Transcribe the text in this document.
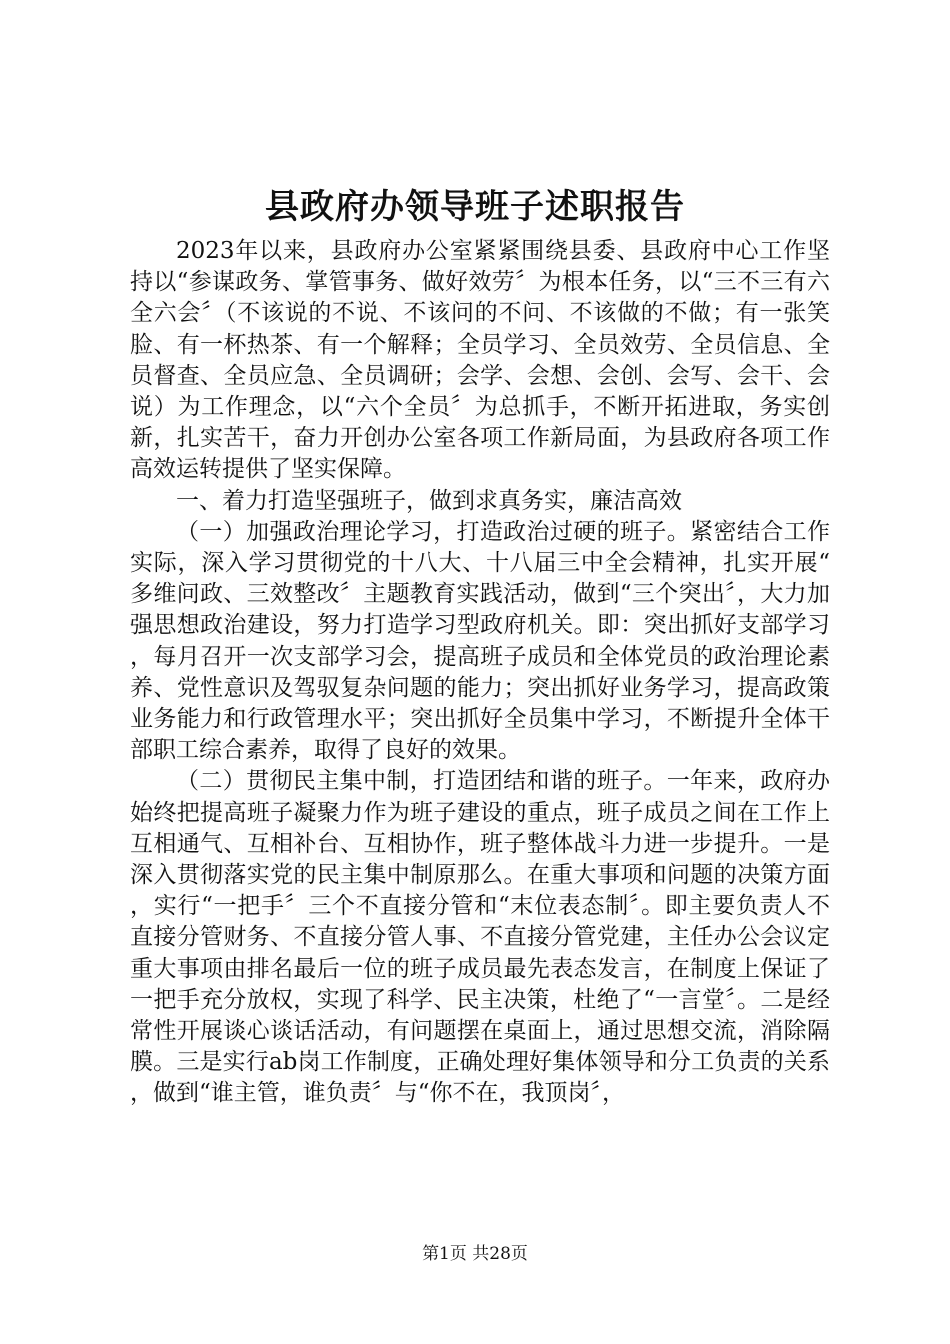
县政府办领导班子述职报告

2023年以来，县政府办公室紧紧围绕县委、县政府中心工作坚持以“参谋政务、掌管事务、做好效劳〞为根本任务，以“三不三有六全六会〞（不该说的不说、不该问的不问、不该做的不做；有一张笑脸、有一杯热茶、有一个解释；全员学习、全员效劳、全员信息、全员督查、全员应急、全员调研；会学、会想、会创、会写、会干、会说）为工作理念，以“六个全员〞为总抓手，不断开拓进取，务实创新，扎实苦干，奋力开创办公室各项工作新局面，为县政府各项工作高效运转提供了坚实保障。

一、着力打造坚强班子，做到求真务实，廉洁高效

（一）加强政治理论学习，打造政治过硬的班子。紧密结合工作实际，深入学习贯彻党的十八大、十八届三中全会精神，扎实开展“多维问政、三效整改〞主题教育实践活动，做到“三个突出〞，大力加强思想政治建设，努力打造学习型政府机关。即：突出抓好支部学习，每月召开一次支部学习会，提高班子成员和全体党员的政治理论素养、党性意识及驾驭复杂问题的能力；突出抓好业务学习，提高政策业务能力和行政管理水平；突出抓好全员集中学习，不断提升全体干部职工综合素养，取得了良好的效果。

（二）贯彻民主集中制，打造团结和谐的班子。一年来，政府办始终把提高班子凝聚力作为班子建设的重点，班子成员之间在工作上互相通气、互相补台、互相协作，班子整体战斗力进一步提升。一是深入贯彻落实党的民主集中制原那么。在重大事项和问题的决策方面，实行“一把手〞三个不直接分管和“末位表态制〞。即主要负责人不直接分管财务、不直接分管人事、不直接分管党建，主任办公会议定重大事项由排名最后一位的班子成员最先表态发言，在制度上保证了一把手充分放权，实现了科学、民主决策，杜绝了“一言堂〞。二是经常性开展谈心谈话活动，有问题摆在桌面上，通过思想交流，消除隔膜。三是实行ab岗工作制度，正确处理好集体领导和分工负责的关系，做到“谁主管，谁负责〞与“你不在，我顶岗〞，

第1页 共28页
